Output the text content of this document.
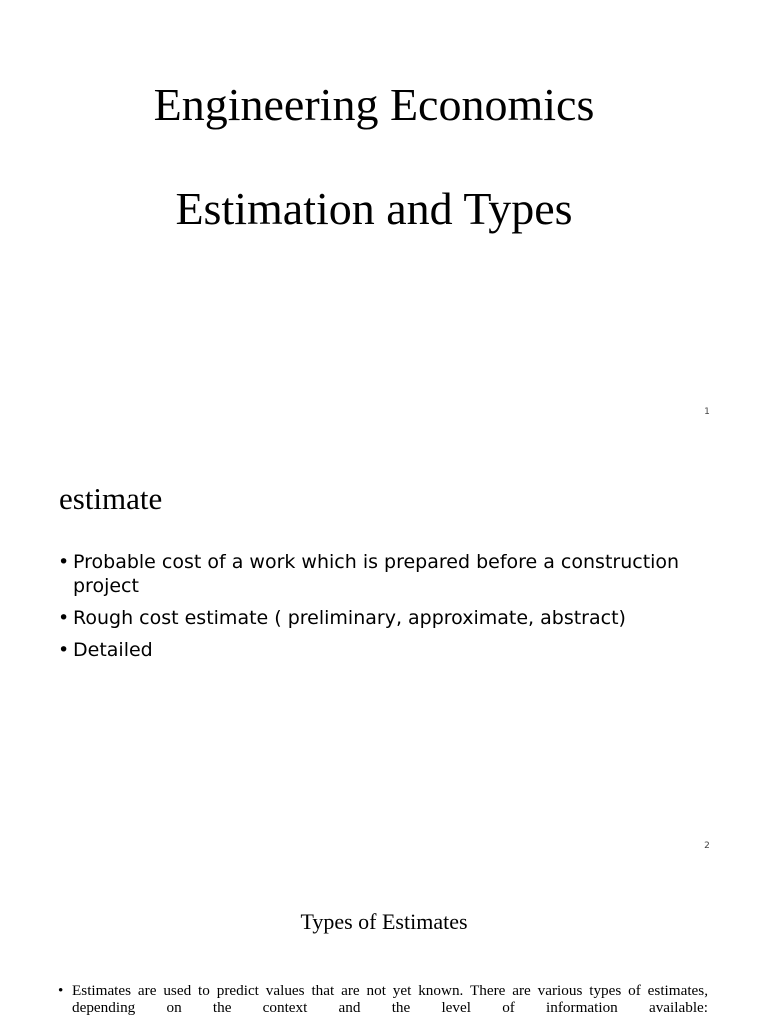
Engineering Economics
Estimation and Types
1
estimate
• Probable cost of a work which is prepared before a construction project
• Rough cost estimate ( preliminary, approximate, abstract)
• Detailed
2
Types of Estimates
• Estimates are used to predict values that are not yet known. There are various types of estimates, depending on the context and the level of information available:
